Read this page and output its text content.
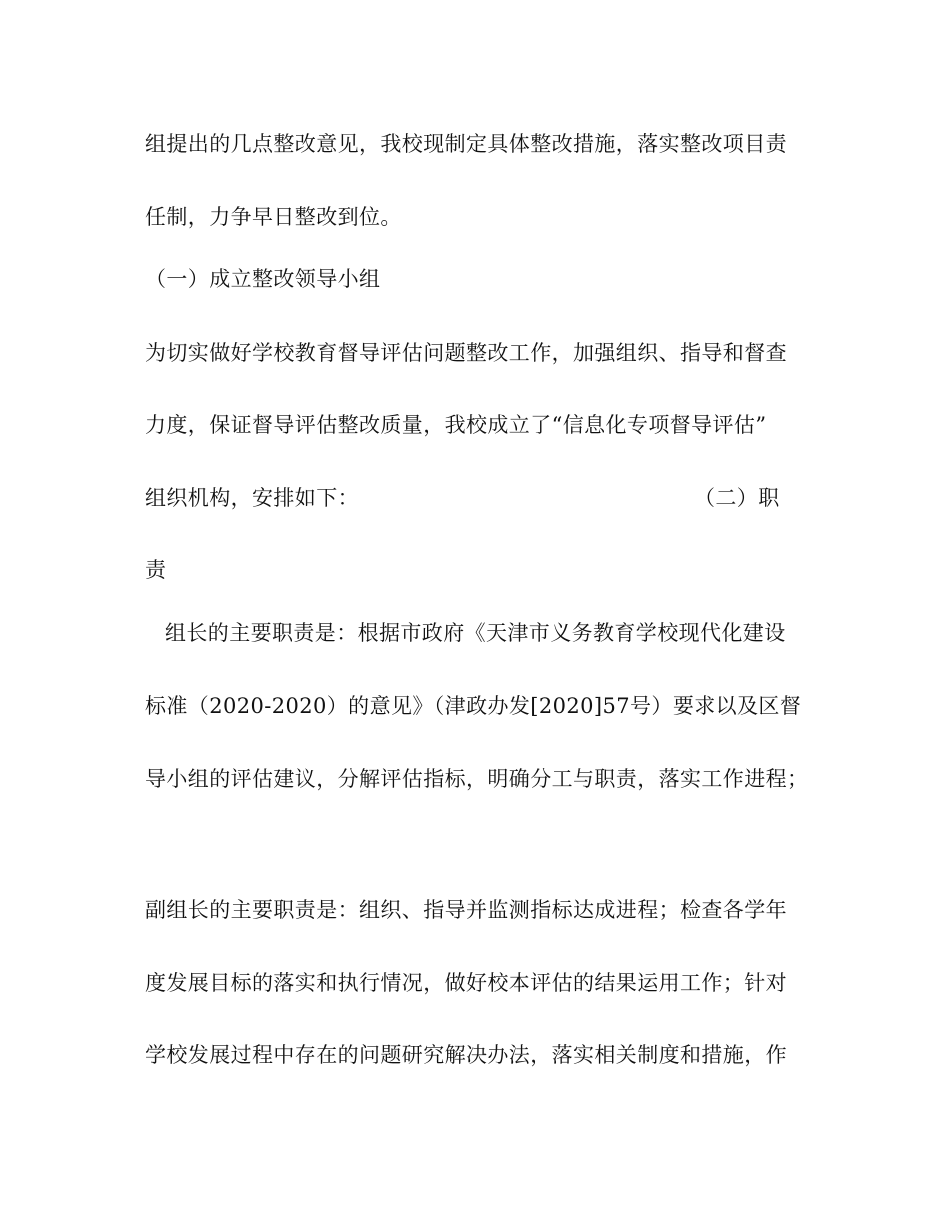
组提出的几点整改意见，我校现制定具体整改措施，落实整改项目责
任制，力争早日整改到位。
（一）成立整改领导小组
为切实做好学校教育督导评估问题整改工作，加强组织、指导和督查
力度，保证督导评估整改质量，我校成立了“信息化专项督导评估”
组织机构，安排如下：	（二）职
责
组长的主要职责是：根据市政府《天津市义务教育学校现代化建设
标准（2020-2020）的意见》（津政办发[2020]57号）要求以及区督
导小组的评估建议，分解评估指标，明确分工与职责，落实工作进程；
副组长的主要职责是：组织、指导并监测指标达成进程；检查各学年
度发展目标的落实和执行情况，做好校本评估的结果运用工作；针对
学校发展过程中存在的问题研究解决办法，落实相关制度和措施，作
